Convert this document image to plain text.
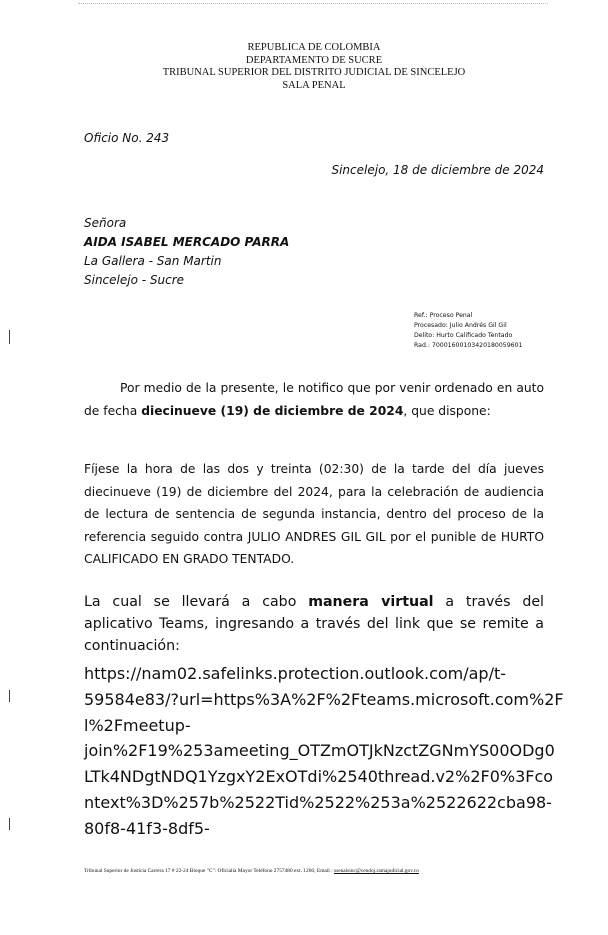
REPUBLICA DE COLOMBIA
DEPARTAMENTO DE SUCRE
TRIBUNAL SUPERIOR DEL DISTRITO JUDICIAL DE SINCELEJO
SALA PENAL
Oficio No. 243
Sincelejo, 18 de diciembre de 2024
Señora
AIDA ISABEL MERCADO PARRA
La Gallera - San Martin
Sincelejo - Sucre
Ref.: Proceso Penal
Procesado: Julio Andrés Gil Gil
Delito: Hurto Calificado Tentado
Rad.: 70001600103420180059601
Por medio de la presente, le notifico que por venir ordenado en auto de fecha diecinueve (19) de diciembre de 2024, que dispone:
Fíjese la hora de las dos y treinta (02:30) de la tarde del día jueves diecinueve (19) de diciembre del 2024, para la celebración de audiencia de lectura de sentencia de segunda instancia, dentro del proceso de la referencia seguido contra JULIO ANDRES GIL GIL por el punible de HURTO CALIFICADO EN GRADO TENTADO.
La cual se llevará a cabo manera virtual a través del aplicativo Teams, ingresando a través del link que se remite a continuación:
https://nam02.safelinks.protection.outlook.com/ap/t-
59584e83/?url=https%3A%2F%2Fteams.microsoft.com%2F
l%2Fmeetup-
join%2F19%253ameeting_OTZmOTJkNzctZGNmYS00ODg0
LTk4NDgtNDQ1YzgxY2ExOTdi%2540thread.v2%2F0%3Fco
ntext%3D%257b%2522Tid%2522%253a%2522622cba98-
80f8-41f3-8df5-
Tribunal Superior de Justicia Carrera 17 # 22-24 Bloque "C": Oficialía Mayor Teléfono 2757480 ext. 1266; Email : ssenalsinc@cendoj.ramajudicial.gov.co
